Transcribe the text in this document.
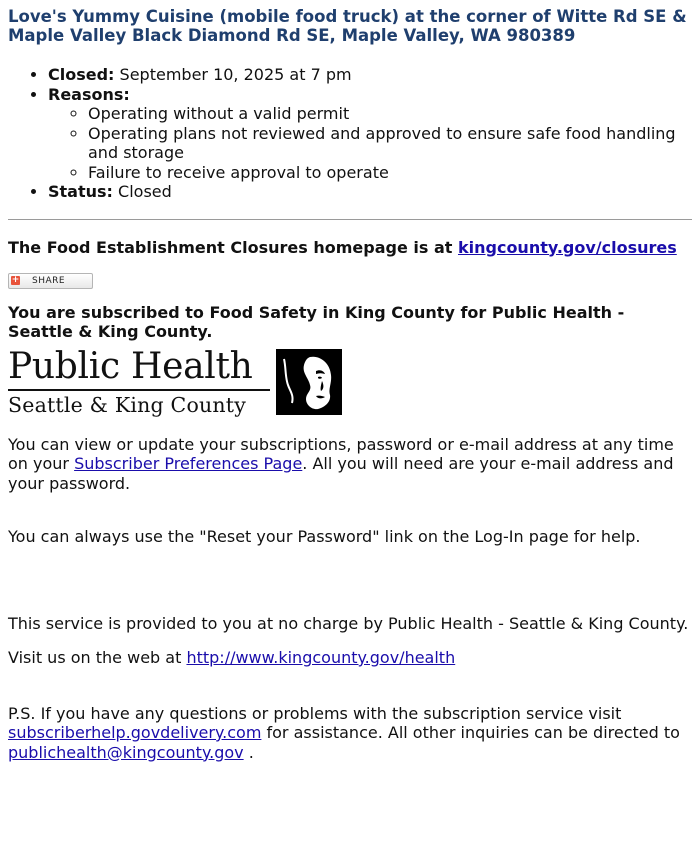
Love's Yummy Cuisine (mobile food truck) at the corner of Witte Rd SE & Maple Valley Black Diamond Rd SE, Maple Valley, WA 980389
• Closed: September 10, 2025 at 7 pm
• Reasons:
◦ Operating without a valid permit
◦ Operating plans not reviewed and approved to ensure safe food handling and storage
◦ Failure to receive approval to operate
• Status: Closed
The Food Establishment Closures homepage is at kingcounty.gov/closures
+ SHARE
You are subscribed to Food Safety in King County for Public Health - Seattle & King County.
Public Health
Seattle & King County

You can view or update your subscriptions, password or e-mail address at any time on your Subscriber Preferences Page. All you will need are your e-mail address and your password.

You can always use the "Reset your Password" link on the Log-In page for help.

This service is provided to you at no charge by Public Health - Seattle & King County.

Visit us on the web at http://www.kingcounty.gov/health

P.S. If you have any questions or problems with the subscription service visit subscriberhelp.govdelivery.com for assistance. All other inquiries can be directed to publichealth@kingcounty.gov .
